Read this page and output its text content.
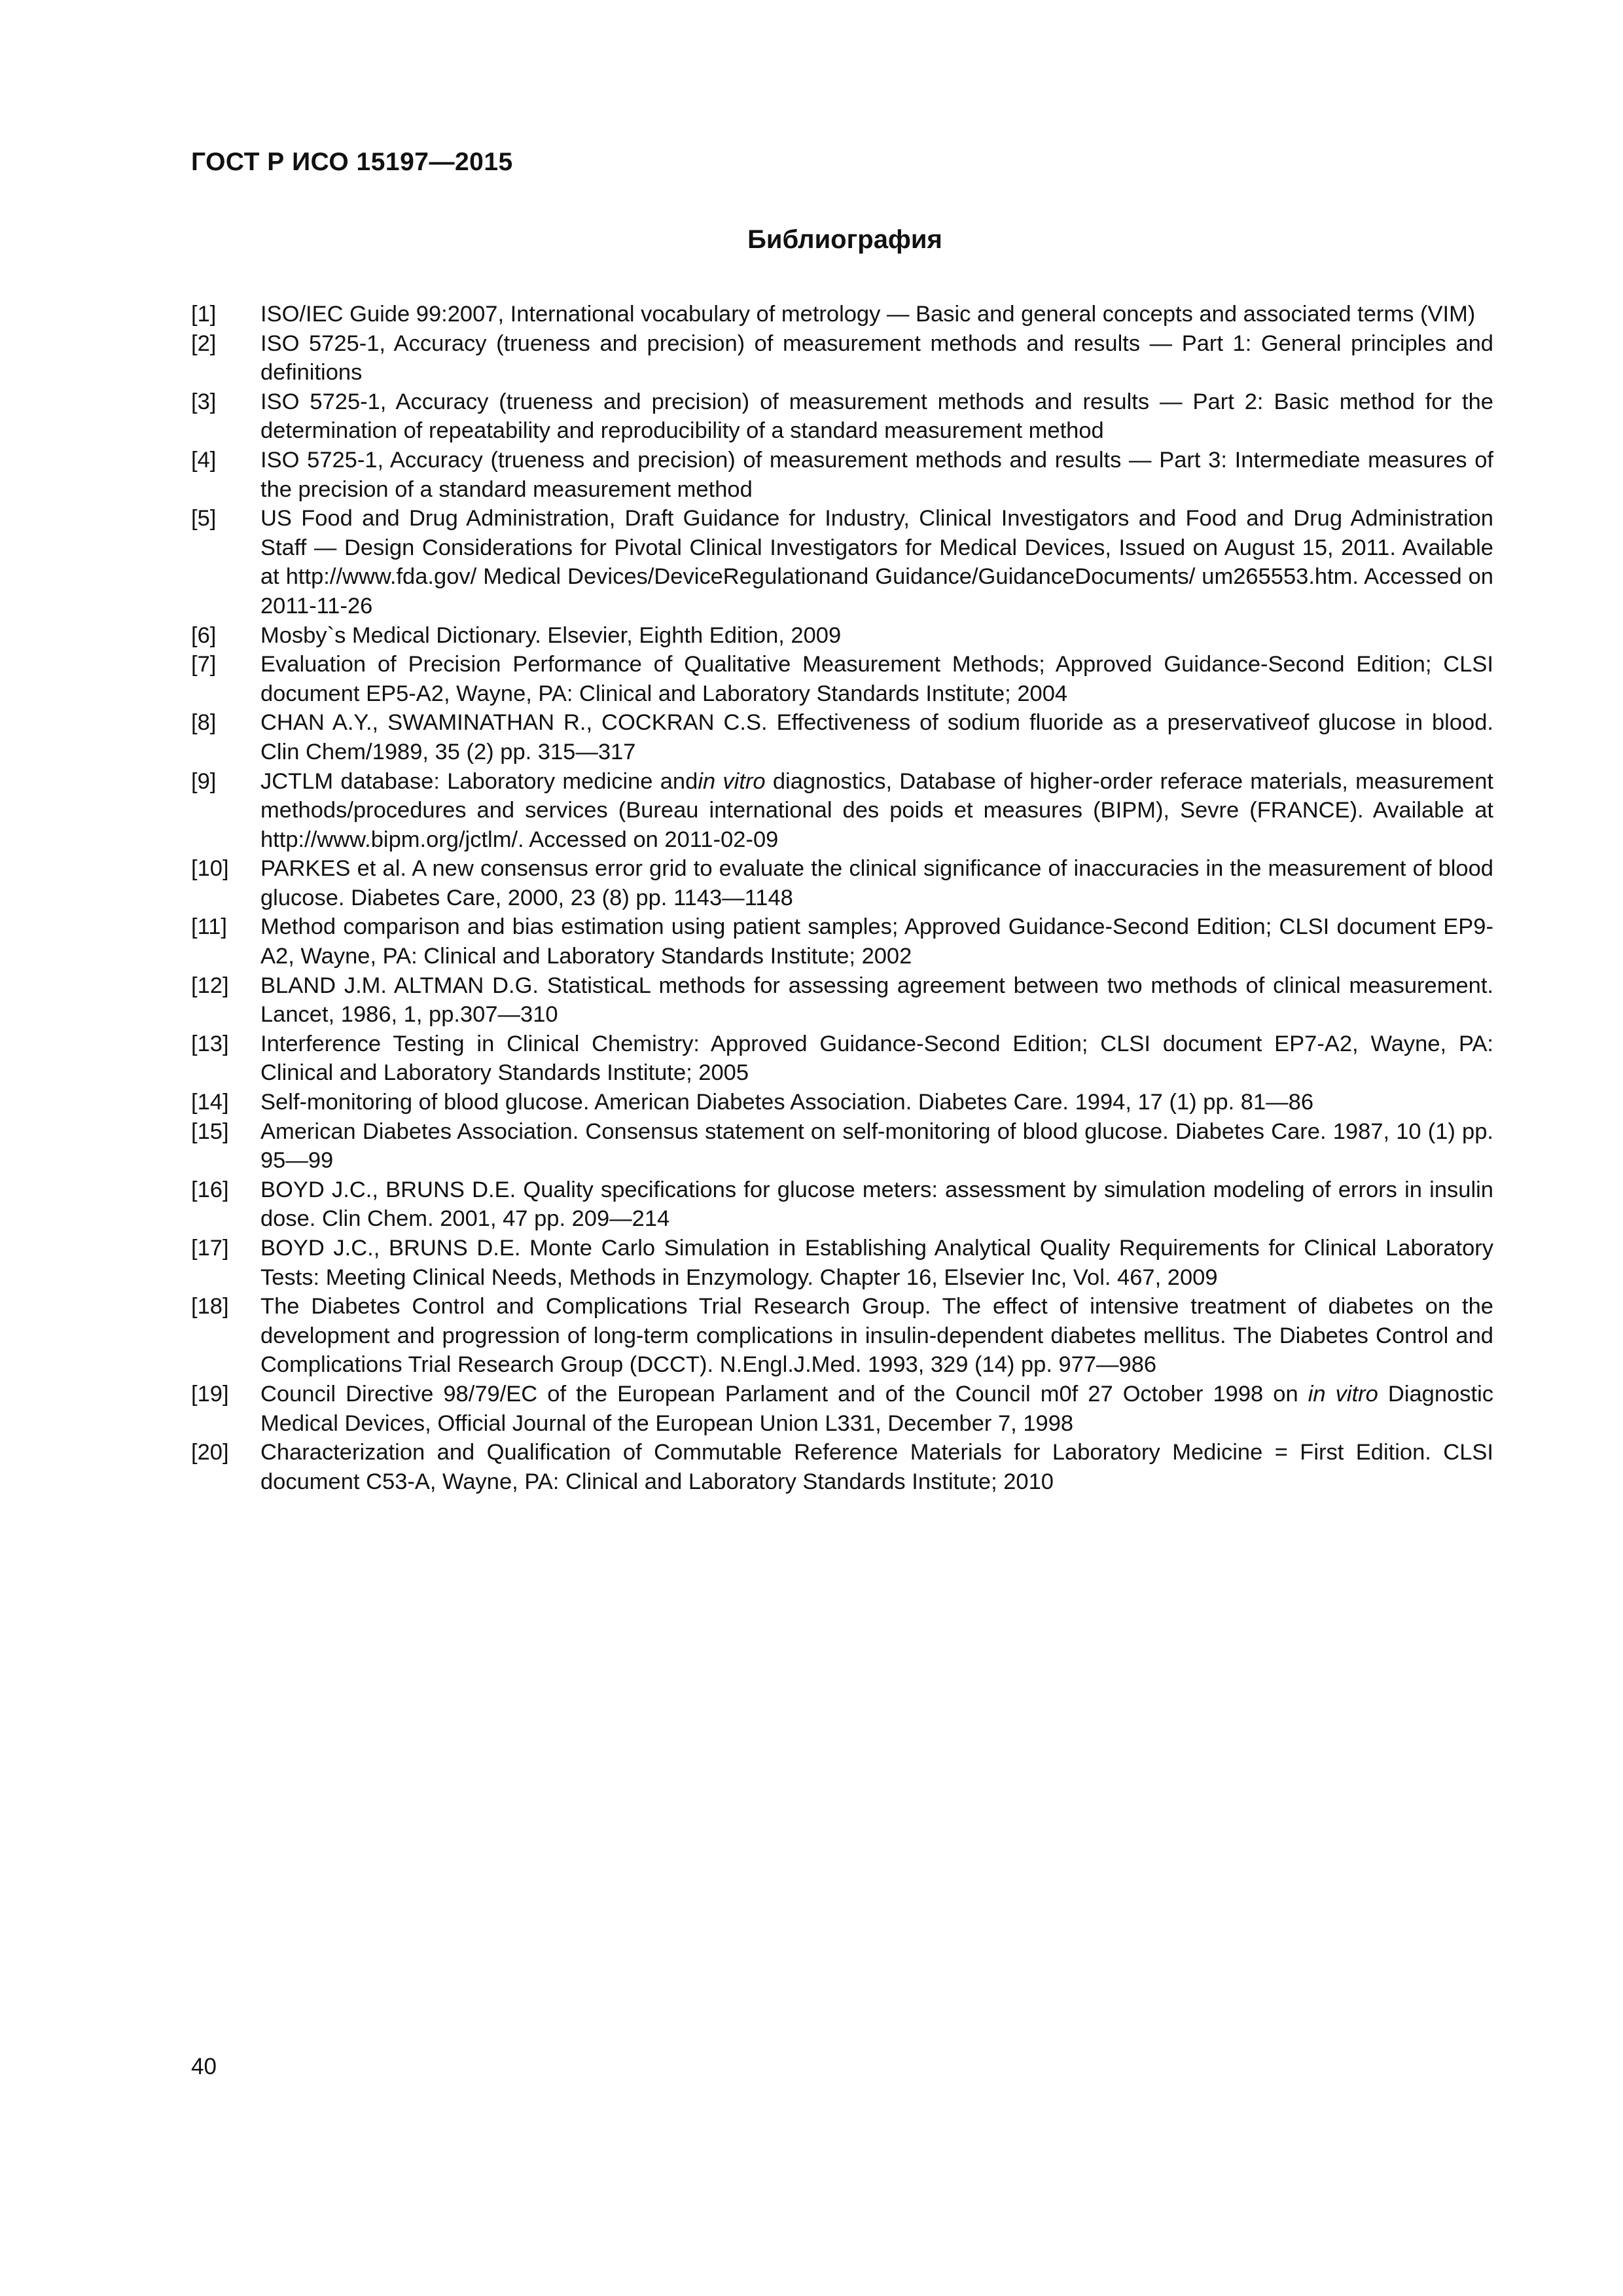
ГОСТ Р ИСО 15197—2015
Библиография
[1]	ISO/IEC Guide 99:2007, International vocabulary of metrology — Basic and general concepts and associated terms (VIM)
[2]	ISO 5725-1, Accuracy (trueness and precision) of measurement methods and results — Part 1: General principles and definitions
[3]	ISO 5725-1, Accuracy (trueness and precision) of measurement methods and results — Part 2: Basic method for the determination of repeatability and reproducibility of a standard measurement method
[4]	ISO 5725-1, Accuracy (trueness and precision) of measurement methods and results — Part 3: Intermediate measures of the precision of a standard measurement method
[5]	US Food and Drug Administration, Draft Guidance for Industry, Clinical Investigators and Food and Drug Administration Staff — Design Considerations for Pivotal Clinical Investigators for Medical Devices, Issued on August 15, 2011. Available at http://www.fda.gov/ Medical Devices/DeviceRegulationand Guidance/GuidanceDocuments/ um265553.htm. Accessed on 2011-11-26
[6]	Mosby`s Medical Dictionary. Elsevier, Eighth Edition, 2009
[7]	Evaluation of Precision Performance of Qualitative Measurement Methods; Approved Guidance-Second Edition; CLSI document EP5-A2, Wayne, PA: Clinical and Laboratory Standards Institute; 2004
[8]	CHAN A.Y., SWAMINATHAN R., COCKRAN C.S. Effectiveness of sodium fluoride as a preservativeof glucose in blood. Clin Chem/1989, 35 (2) pp. 315—317
[9]	JCTLM database: Laboratory medicine andin vitro diagnostics, Database of higher-order referace materials, measurement methods/procedures and services (Bureau international des poids et measures (BIPM), Sevre (FRANCE). Available at http://www.bipm.org/jctlm/. Accessed on 2011-02-09
[10]	PARKES et al. A new consensus error grid to evaluate the clinical significance of inaccuracies in the measurement of blood glucose. Diabetes Care, 2000, 23 (8) pp. 1143—1148
[11]	Method comparison and bias estimation using patient samples; Approved Guidance-Second Edition; CLSI document EP9-A2, Wayne, PA: Clinical and Laboratory Standards Institute; 2002
[12]	BLAND J.M. ALTMAN D.G. StatisticaL methods for assessing agreement between two methods of clinical measurement. Lancet, 1986, 1, pp.307—310
[13]	Interference Testing in Clinical Chemistry: Approved Guidance-Second Edition; CLSI document EP7-A2, Wayne, PA: Clinical and Laboratory Standards Institute; 2005
[14]	Self-monitoring of blood glucose. American Diabetes Association. Diabetes Care. 1994, 17 (1) pp. 81—86
[15]	American Diabetes Association. Consensus statement on self-monitoring of blood glucose. Diabetes Care. 1987, 10 (1) pp. 95—99
[16]	BOYD J.C., BRUNS D.E. Quality specifications for glucose meters: assessment by simulation modeling of errors in insulin dose. Clin Chem. 2001, 47 pp. 209—214
[17]	BOYD J.C., BRUNS D.E. Monte Carlo Simulation in Establishing Analytical Quality Requirements for Clinical Laboratory Tests: Meeting Clinical Needs, Methods in Enzymology. Chapter 16, Elsevier Inc, Vol. 467, 2009
[18]	The Diabetes Control and Complications Trial Research Group. The effect of intensive treatment of diabetes on the development and progression of long-term complications in insulin-dependent diabetes mellitus. The Diabetes Control and Complications Trial Research Group (DCCT). N.Engl.J.Med. 1993, 329 (14) pp. 977—986
[19]	Council Directive 98/79/EC of the European Parlament and of the Council m0f 27 October 1998 on in vitro Diagnostic Medical Devices, Official Journal of the European Union L331, December 7, 1998
[20]	Characterization and Qualification of Commutable Reference Materials for Laboratory Medicine = First Edition. CLSI document C53-A, Wayne, PA: Clinical and Laboratory Standards Institute; 2010
40
